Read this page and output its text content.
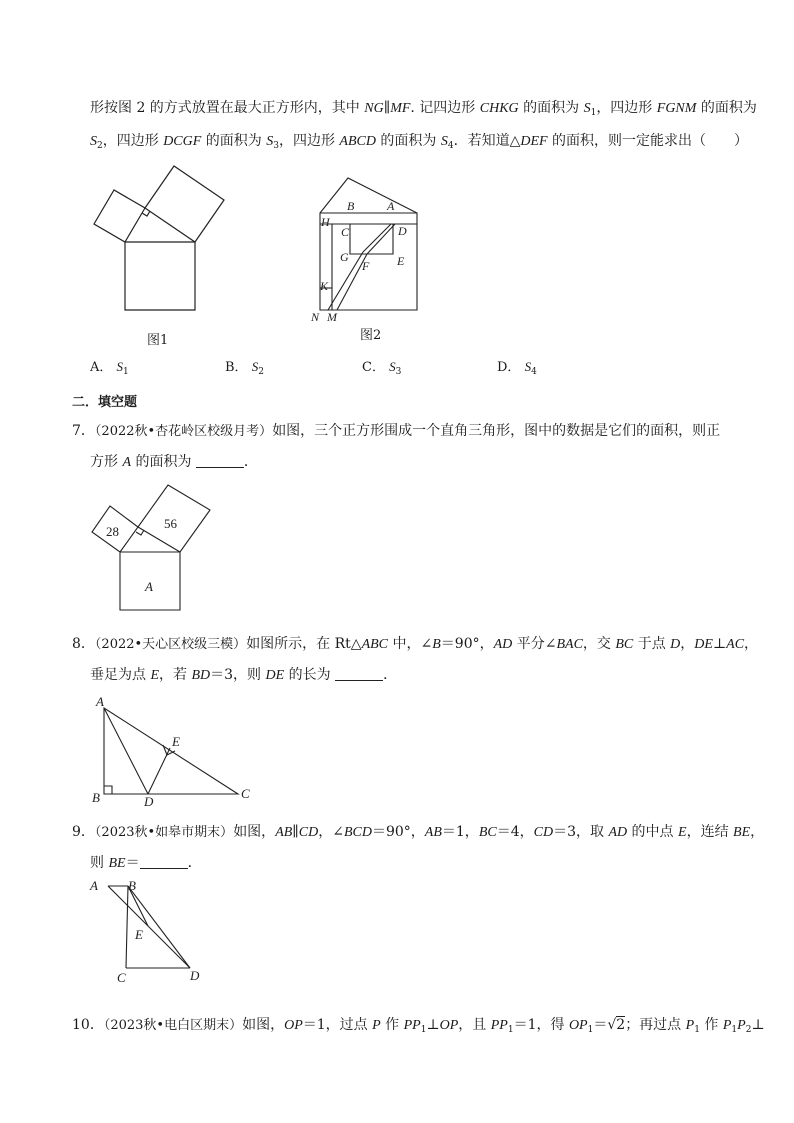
形按图 2 的方式放置在最大正方形内，其中 NG∥MF. 记四边形 CHKG 的面积为 $S_1$，四边形 FGNM 的面积为
$S_2$，四边形 DCGF 的面积为 $S_3$，四边形 ABCD 的面积为 $S_4$．若知道△DEF 的面积，则一定能求出（　　）
图1
B	A
H
C	D
G
F E
K
N M
图2
A． $S_1$	B． $S_2$	C． $S_3$	D． $S_4$
二．填空题
7．（2022秋•杏花岭区校级月考）如图，三个正方形围成一个直角三角形，图中的数据是它们的面积，则正
方形 A 的面积为	．
28
56
A
8．（2022•天心区校级三模）如图所示，在 Rt△ABC 中，∠B＝90°，AD 平分∠BAC，交 BC 于点 D，DE⊥AC，
垂足为点 E，若 BD＝3，则 DE 的长为	．
A
B	D
C
E
9．（2023秋•如皋市期末）如图，AB∥CD，∠BCD＝90°，AB＝1，BC＝4，CD＝3，取 AD 的中点 E，连结 BE，
则 BE＝	．
A B
E
C	D
10．（2023秋•电白区期末）如图，OP＝1，过点 P 作 $PP_1\perp OP$，且 $PP_1=1$，得 $OP_1=√2$；再过点 $P_1$ 作 $P_1P_2\perp$
